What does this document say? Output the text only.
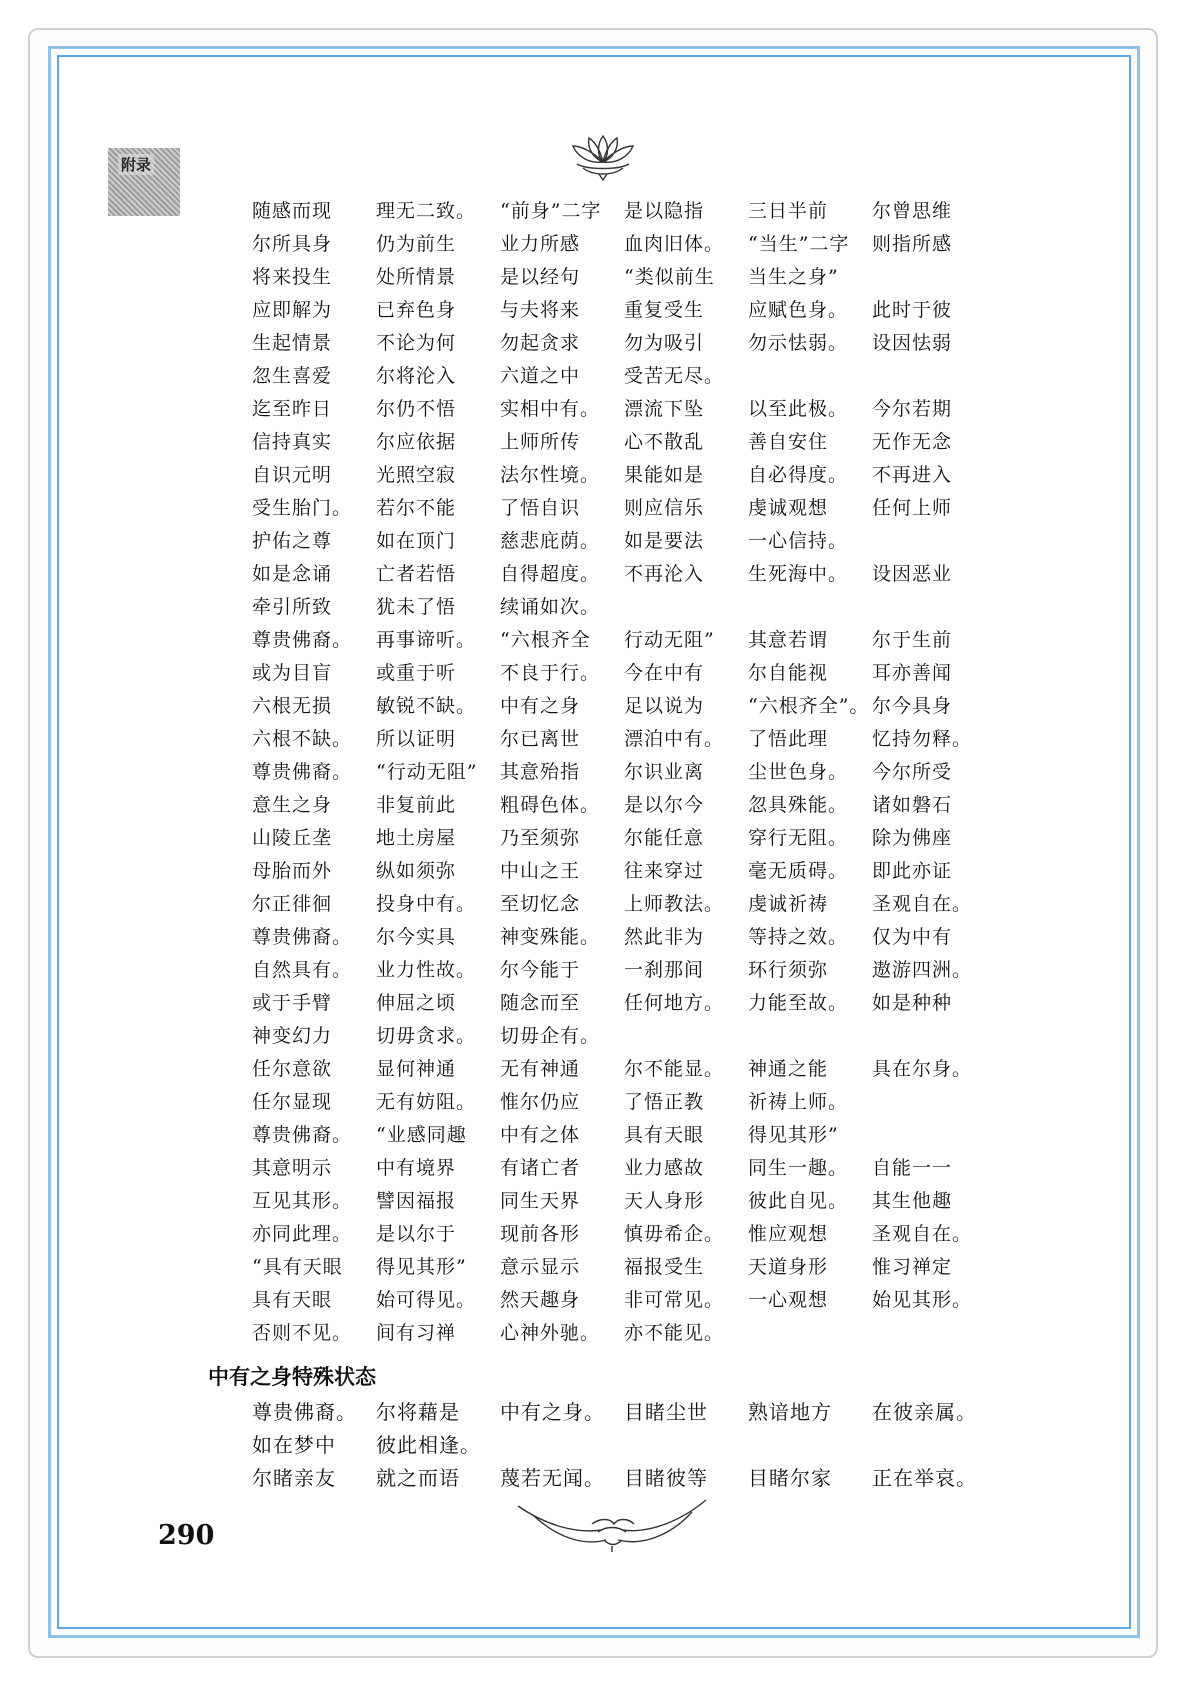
附录
随感而现	理无二致。	“前身”二字	是以隐指	三日半前	尔曾思维
尔所具身	仍为前生	业力所感	血肉旧体。	“当生”二字	则指所感
将来投生	处所情景	是以经句	“类似前生	当生之身”
应即解为	已弃色身	与夫将来	重复受生	应赋色身。	此时于彼
生起情景	不论为何	勿起贪求	勿为吸引	勿示怯弱。	设因怯弱
忽生喜爱	尔将沦入	六道之中	受苦无尽。
迄至昨日	尔仍不悟	实相中有。	漂流下坠	以至此极。	今尔若期
信持真实	尔应依据	上师所传	心不散乱	善自安住	无作无念
自识元明	光照空寂	法尔性境。	果能如是	自必得度。	不再进入
受生胎门。	若尔不能	了悟自识	则应信乐	虔诚观想	任何上师
护佑之尊	如在顶门	慈悲庇荫。	如是要法	一心信持。
如是念诵	亡者若悟	自得超度。	不再沦入	生死海中。	设因恶业
牵引所致	犹未了悟	续诵如次。
尊贵佛裔。	再事谛听。	“六根齐全	行动无阻”	其意若谓	尔于生前
或为目盲	或重于听	不良于行。	今在中有	尔自能视	耳亦善闻
六根无损	敏锐不缺。	中有之身	足以说为	“六根齐全”。 尔今具身
六根不缺。	所以证明	尔已离世	漂泊中有。	了悟此理	忆持勿释。
尊贵佛裔。	“行动无阻”	其意殆指	尔识业离	尘世色身。	今尔所受
意生之身	非复前此	粗碍色体。	是以尔今	忽具殊能。	诸如磐石
山陵丘垄	地土房屋	乃至须弥	尔能任意	穿行无阻。	除为佛座
母胎而外	纵如须弥	中山之王	往来穿过	毫无质碍。	即此亦证
尔正徘徊	投身中有。	至切忆念	上师教法。	虔诚祈祷	圣观自在。
尊贵佛裔。	尔今实具	神变殊能。	然此非为	等持之效。	仅为中有
自然具有。	业力性故。	尔今能于	一刹那间	环行须弥	遨游四洲。
或于手臂	伸屈之顷	随念而至	任何地方。	力能至故。	如是种种
神变幻力	切毋贪求。	切毋企有。
任尔意欲	显何神通	无有神通	尔不能显。	神通之能	具在尔身。
任尔显现	无有妨阻。	惟尔仍应	了悟正教	祈祷上师。
尊贵佛裔。	“业感同趣	中有之体	具有天眼	得见其形”
其意明示	中有境界	有诸亡者	业力感故	同生一趣。	自能一一
互见其形。	譬因福报	同生天界	天人身形	彼此自见。	其生他趣
亦同此理。	是以尔于	现前各形	慎毋希企。	惟应观想	圣观自在。
“具有天眼	得见其形”	意示显示	福报受生	天道身形	惟习禅定
具有天眼	始可得见。	然天趣身	非可常见。	一心观想	始见其形。
否则不见。	间有习禅	心神外驰。	亦不能见。
中有之身特殊状态
尊贵佛裔。 尔将藉是	中有之身。 目睹尘世	熟谙地方	在彼亲属。
如在梦中	彼此相逢。
尔睹亲友	就之而语	蔑若无闻。 目睹彼等	目睹尔家	正在举哀。
290
